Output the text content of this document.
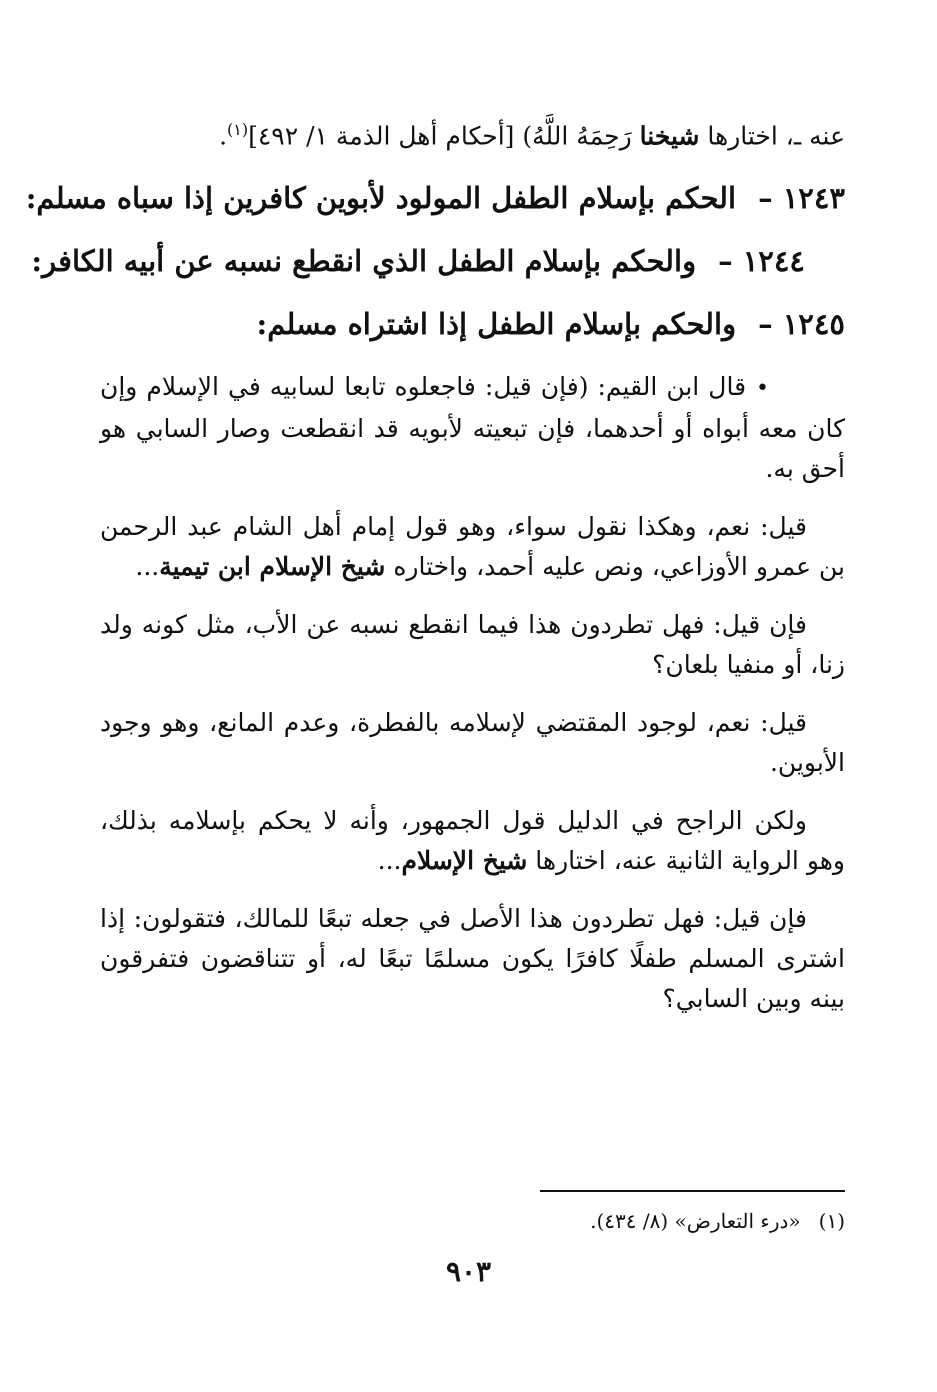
عنه ـ، اختارها شيخنا رَحِمَهُ اللَّهُ) [أحكام أهل الذمة ١/ ٤٩٢]$^{(١)}$.

١٢٤٣ –الحكم بإسلام الطفل المولود لأبوين كافرين إذا سباه مسلم:
١٢٤٤ –والحكم بإسلام الطفل الذي انقطع نسبه عن أبيه الكافر:
١٢٤٥ –والحكم بإسلام الطفل إذا اشتراه مسلم:

•قال ابن القيم: (فإن قيل: فاجعلوه تابعا لسابيه في الإسلام وإن كان معه أبواه أو أحدهما، فإن تبعيته لأبويه قد انقطعت وصار السابي هو أحق به.

قيل: نعم، وهكذا نقول سواء، وهو قول إمام أهل الشام عبد الرحمن بن عمرو الأوزاعي، ونص عليه أحمد، واختاره شيخ الإسلام ابن تيمية...

فإن قيل: فهل تطردون هذا فيما انقطع نسبه عن الأب، مثل كونه ولد زنا، أو منفيا بلعان؟

قيل: نعم، لوجود المقتضي لإسلامه بالفطرة، وعدم المانع، وهو وجود الأبوين.

ولكن الراجح في الدليل قول الجمهور، وأنه لا يحكم بإسلامه بذلك، وهو الرواية الثانية عنه، اختارها شيخ الإسلام...

فإن قيل: فهل تطردون هذا الأصل في جعله تبعًا للمالك، فتقولون: إذا اشترى المسلم طفلًا كافرًا يكون مسلمًا تبعًا له، أو تتناقضون فتفرقون بينه وبين السابي؟

(١)«درء التعارض» (٨/ ٤٣٤).
٩٠٣
